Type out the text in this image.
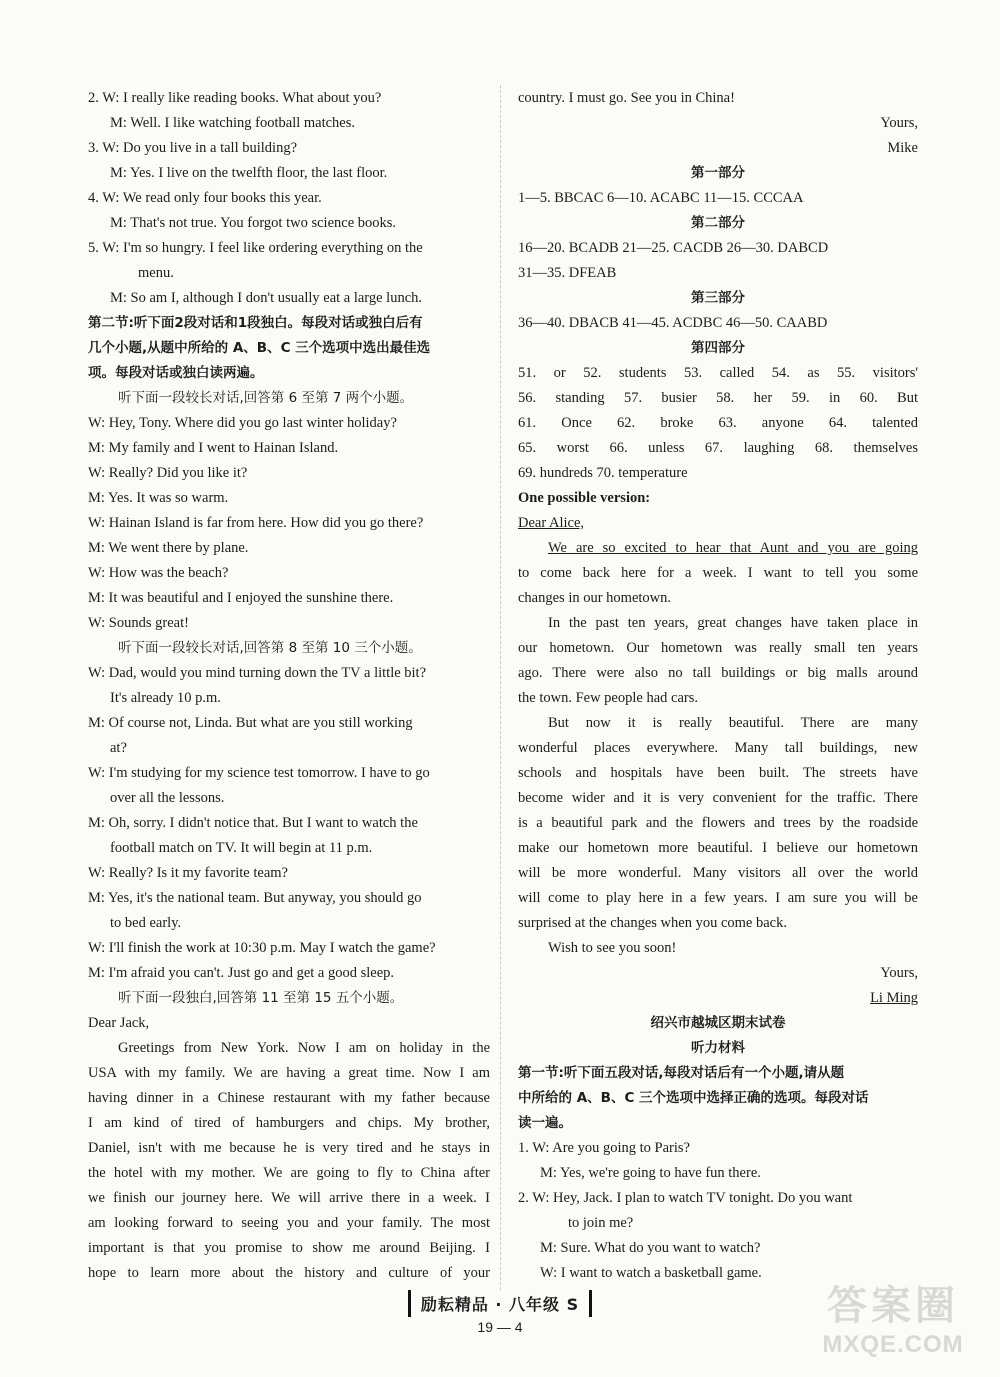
2. W: I really like reading books. What about you?
M: Well. I like watching football matches.
3. W: Do you live in a tall building?
M: Yes. I live on the twelfth floor, the last floor.
4. W: We read only four books this year.
M: That's not true. You forgot two science books.
5. W: I'm so hungry. I feel like ordering everything on the
menu.
M: So am I, although I don't usually eat a large lunch.
第二节:听下面2段对话和1段独白。每段对话或独白后有
几个小题,从题中所给的 A、B、C 三个选项中选出最佳选
项。每段对话或独白读两遍。
听下面一段较长对话,回答第 6 至第 7 两个小题。
W: Hey, Tony. Where did you go last winter holiday?
M: My family and I went to Hainan Island.
W: Really? Did you like it?
M: Yes. It was so warm.
W: Hainan Island is far from here. How did you go there?
M: We went there by plane.
W: How was the beach?
M: It was beautiful and I enjoyed the sunshine there.
W: Sounds great!
听下面一段较长对话,回答第 8 至第 10 三个小题。
W: Dad, would you mind turning down the TV a little bit?
It's already 10 p.m.
M: Of course not, Linda. But what are you still working
at?
W: I'm studying for my science test tomorrow. I have to go
over all the lessons.
M: Oh, sorry. I didn't notice that. But I want to watch the
football match on TV. It will begin at 11 p.m.
W: Really? Is it my favorite team?
M: Yes, it's the national team. But anyway, you should go
to bed early.
W: I'll finish the work at 10:30 p.m. May I watch the game?
M: I'm afraid you can't. Just go and get a good sleep.
听下面一段独白,回答第 11 至第 15 五个小题。
Dear Jack,
Greetings from New York. Now I am on holiday in the
USA with my family. We are having a great time. Now I am
having dinner in a Chinese restaurant with my father because
I am kind of tired of hamburgers and chips. My brother,
Daniel, isn't with me because he is very tired and he stays in
the hotel with my mother. We are going to fly to China after
we finish our journey here. We will arrive there in a week. I
am looking forward to seeing you and your family. The most
important is that you promise to show me around Beijing. I
hope to learn more about the history and culture of your
country. I must go. See you in China!
Yours,
Mike
第一部分
1—5. BBCAC 6—10. ACABC 11—15. CCCAA
第二部分
16—20. BCADB 21—25. CACDB 26—30. DABCD
31—35. DFEAB
第三部分
36—40. DBACB 41—45. ACDBC 46—50. CAABD
第四部分
51. or 52. students 53. called 54. as 55. visitors'
56. standing 57. busier 58. her 59. in 60. But
61. Once 62. broke 63. anyone 64. talented
65. worst 66. unless 67. laughing 68. themselves
69. hundreds 70. temperature
One possible version:
Dear Alice,
We are so excited to hear that Aunt and you are going
to come back here for a week. I want to tell you some
changes in our hometown.
In the past ten years, great changes have taken place in
our hometown. Our hometown was really small ten years
ago. There were also no tall buildings or big malls around
the town. Few people had cars.
But now it is really beautiful. There are many
wonderful places everywhere. Many tall buildings, new
schools and hospitals have been built. The streets have
become wider and it is very convenient for the traffic. There
is a beautiful park and the flowers and trees by the roadside
make our hometown more beautiful. I believe our hometown
will be more wonderful. Many visitors all over the world
will come to play here in a few years. I am sure you will be
surprised at the changes when you come back.
Wish to see you soon!
Yours,
Li Ming
绍兴市越城区期末试卷
听力材料
第一节:听下面五段对话,每段对话后有一个小题,请从题
中所给的 A、B、C 三个选项中选择正确的选项。每段对话
读一遍。
1. W: Are you going to Paris?
M: Yes, we're going to have fun there.
2. W: Hey, Jack. I plan to watch TV tonight. Do you want
to join me?
M: Sure. What do you want to watch?
W: I want to watch a basketball game.
励耘精品 · 八年级 S
19 — 4	答案圈
MXQE.COM
